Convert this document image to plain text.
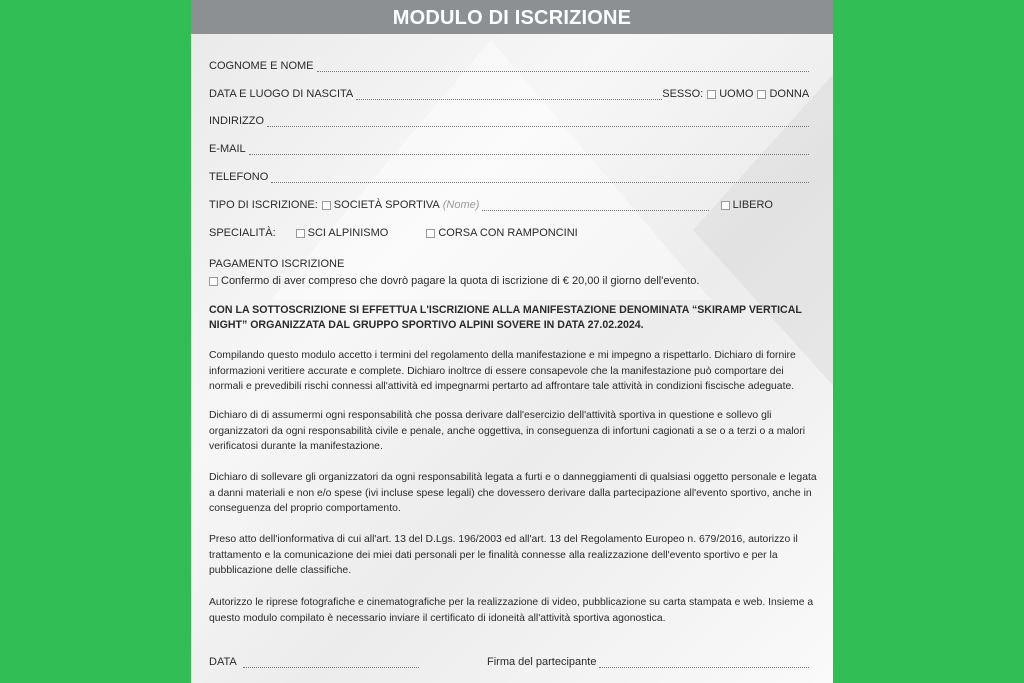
MODULO DI ISCRIZIONE
COGNOME E NOME
DATA E LUOGO DI NASCITA	SESSO: UOMO DONNA
INDIRIZZO
E-MAIL
TELEFONO
TIPO DI ISCRIZIONE: SOCIETÀ SPORTIVA (Nome)	LIBERO
SPECIALITÀ:	SCI ALPINISMO	CORSA CON RAMPONCINI
PAGAMENTO ISCRIZIONE
Confermo di aver compreso che dovrò pagare la quota di iscrizione di € 20,00 il giorno dell'evento.

CON LA SOTTOSCRIZIONE SI EFFETTUA L'ISCRIZIONE ALLA MANIFESTAZIONE DENOMINATA “SKIRAMP VERTICAL NIGHT” ORGANIZZATA DAL GRUPPO SPORTIVO ALPINI SOVERE IN DATA 27.02.2024.

Compilando questo modulo accetto i termini del regolamento della manifestazione e mi impegno a rispettarlo. Dichiaro di fornire informazioni veritiere accurate e complete. Dichiaro inoltrce di essere consapevole che la manifestazione può comportare dei normali e prevedibili rischi connessi all'attività ed impegnarmi pertarto ad affrontare tale attività in condizioni fiscische adeguate.

Dichiaro di di assumermi ogni responsabilità che possa derivare dall'esercizio dell'attività sportiva in questione e sollevo gli organizzatori da ogni responsabilità civile e penale, anche oggettiva, in conseguenza di infortuni cagionati a se o a terzi o a malori verificatosi durante la manifestazione.

Dichiaro di sollevare gli organizzatori da ogni responsabilità legata a furti e o danneggiamenti di qualsiasi oggetto personale e legata a danni materiali e non e/o spese (ivi incluse spese legali) che dovessero derivare dalla partecipazione all'evento sportivo, anche in conseguenza del proprio comportamento.

Preso atto dell'ionformativa di cui all'art. 13 del D.Lgs. 196/2003 ed all'art. 13 del Regolamento Europeo n. 679/2016, autorizzo il trattamento e la comunicazione dei miei dati personali per le finalità connesse alla realizzazione dell'evento sportivo e per la pubblicazione delle classifiche.

Autorizzo le riprese fotografiche e cinematografiche per la realizzazione di video, pubblicazione su carta stampata e web. Insieme a questo modulo compilato è necessario inviare il certificato di idoneità all'attività sportiva agonostica.

DATA	Firma del partecipante
